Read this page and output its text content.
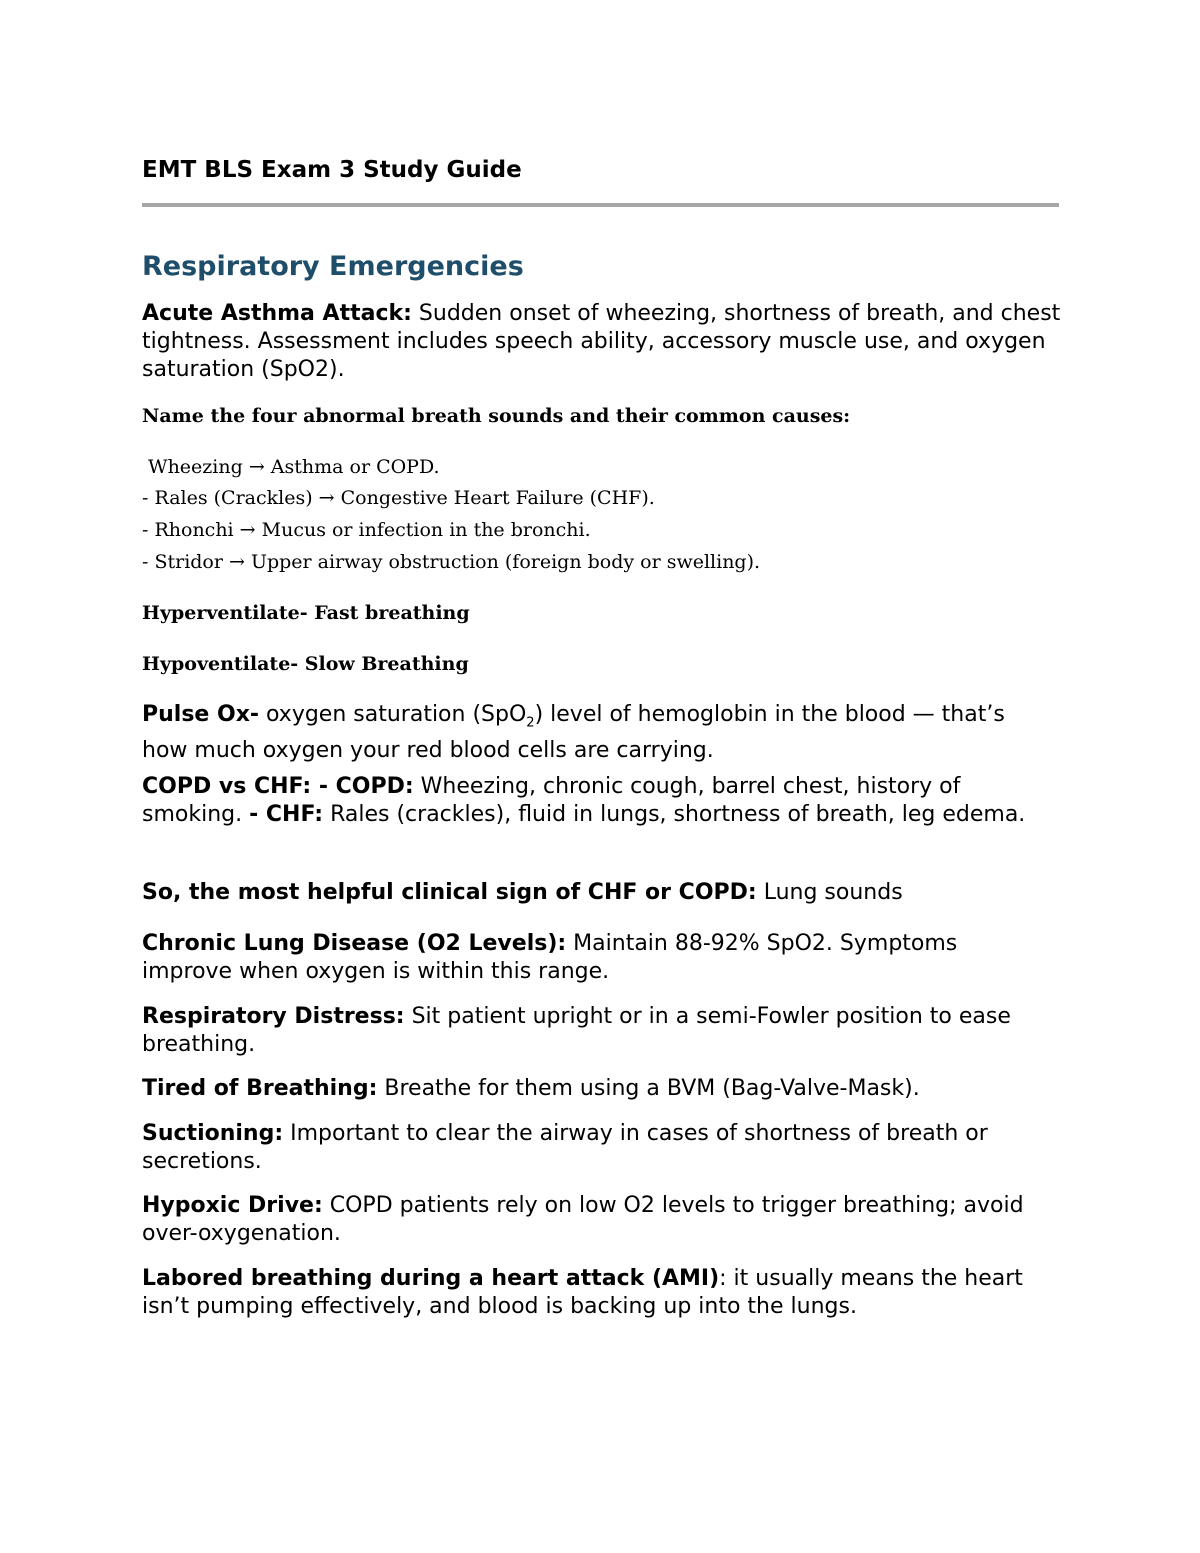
EMT BLS Exam 3 Study Guide
Respiratory Emergencies

Acute Asthma Attack: Sudden onset of wheezing, shortness of breath, and chest tightness. Assessment includes speech ability, accessory muscle use, and oxygen saturation (SpO2).

Name the four abnormal breath sounds and their common causes:

Wheezing → Asthma or COPD.

- Rales (Crackles) → Congestive Heart Failure (CHF).

- Rhonchi → Mucus or infection in the bronchi.

- Stridor → Upper airway obstruction (foreign body or swelling).

Hyperventilate- Fast breathing

Hypoventilate- Slow Breathing

Pulse Ox- oxygen saturation (SpO$_2$) level of hemoglobin in the blood — that’s how much oxygen your red blood cells are carrying.

COPD vs CHF: - COPD: Wheezing, chronic cough, barrel chest, history of smoking. - CHF: Rales (crackles), fluid in lungs, shortness of breath, leg edema.

So, the most helpful clinical sign of CHF or COPD: Lung sounds

Chronic Lung Disease (O2 Levels): Maintain 88-92% SpO2. Symptoms improve when oxygen is within this range.

Respiratory Distress: Sit patient upright or in a semi-Fowler position to ease breathing.

Tired of Breathing: Breathe for them using a BVM (Bag-Valve-Mask).

Suctioning: Important to clear the airway in cases of shortness of breath or secretions.

Hypoxic Drive: COPD patients rely on low O2 levels to trigger breathing; avoid over-oxygenation.

Labored breathing during a heart attack (AMI): it usually means the heart isn’t pumping effectively, and blood is backing up into the lungs.
